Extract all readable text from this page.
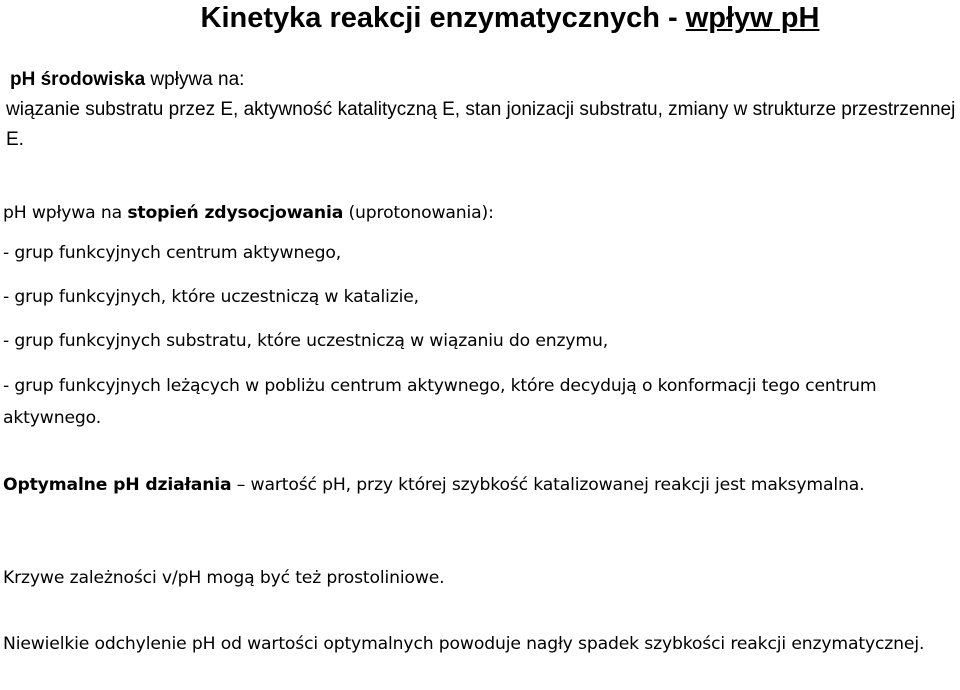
Kinetyka reakcji enzymatycznych - wpływ pH
pH środowiska wpływa na:
wiązanie substratu przez E, aktywność katalityczną E, stan jonizacji substratu, zmiany w strukturze przestrzennej E.
pH wpływa na stopień zdysocjowania (uprotonowania):
- grup funkcyjnych centrum aktywnego,
- grup funkcyjnych, które uczestniczą w katalizie,
- grup funkcyjnych substratu, które uczestniczą w wiązaniu do enzymu,
- grup funkcyjnych leżących w pobliżu centrum aktywnego, które decydują o konformacji tego centrum aktywnego.
Optymalne pH działania – wartość pH, przy której szybkość katalizowanej reakcji jest maksymalna.
Krzywe zależności v/pH mogą być też prostoliniowe.
Niewielkie odchylenie pH od wartości optymalnych powoduje nagły spadek szybkości reakcji enzymatycznej.
